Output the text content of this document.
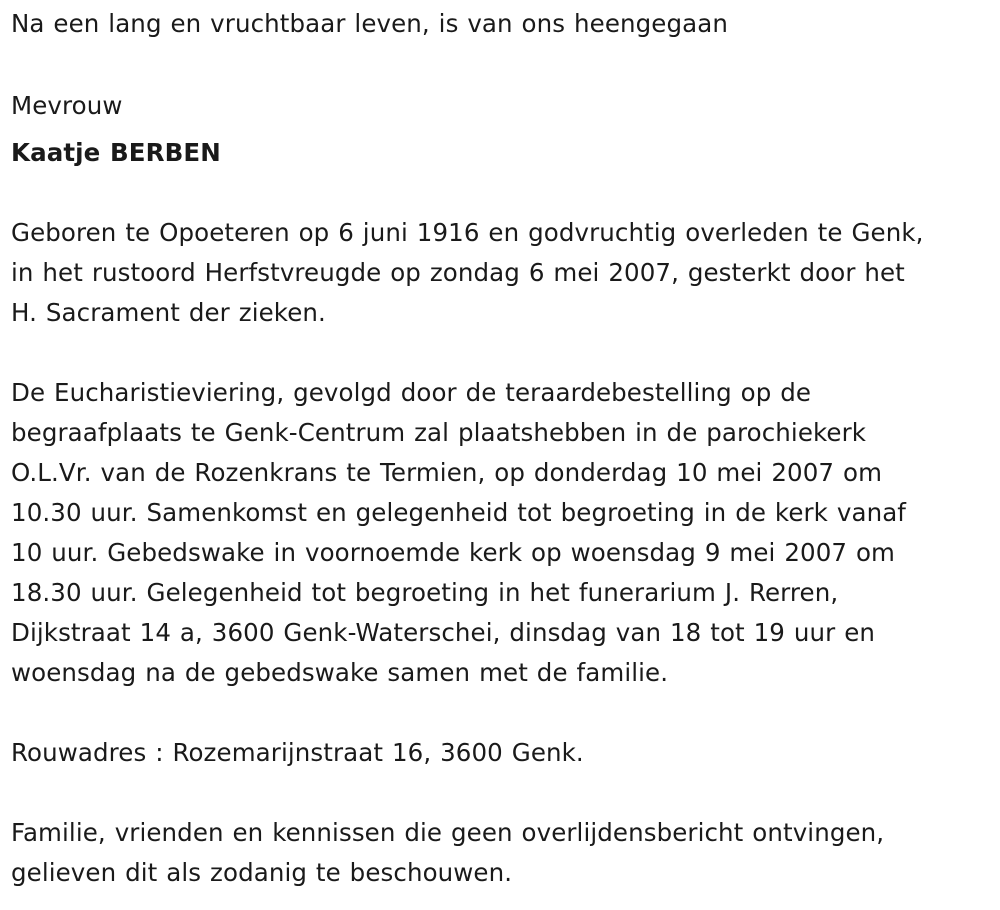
Na een lang en vruchtbaar leven, is van ons heengegaan
Mevrouw
Kaatje BERBEN
Geboren te Opoeteren op 6 juni 1916 en godvruchtig overleden te Genk,
in het rustoord Herfstvreugde op zondag 6 mei 2007, gesterkt door het
H. Sacrament der zieken.
De Eucharistieviering, gevolgd door de teraardebestelling op de
begraafplaats te Genk-Centrum zal plaatshebben in de parochiekerk
O.L.Vr. van de Rozenkrans te Termien, op donderdag 10 mei 2007 om
10.30 uur. Samenkomst en gelegenheid tot begroeting in de kerk vanaf
10 uur. Gebedswake in voornoemde kerk op woensdag 9 mei 2007 om
18.30 uur. Gelegenheid tot begroeting in het funerarium J. Rerren,
Dijkstraat 14 a, 3600 Genk-Waterschei, dinsdag van 18 tot 19 uur en
woensdag na de gebedswake samen met de familie.
Rouwadres : Rozemarijnstraat 16, 3600 Genk.
Familie, vrienden en kennissen die geen overlijdensbericht ontvingen,
gelieven dit als zodanig te beschouwen.
